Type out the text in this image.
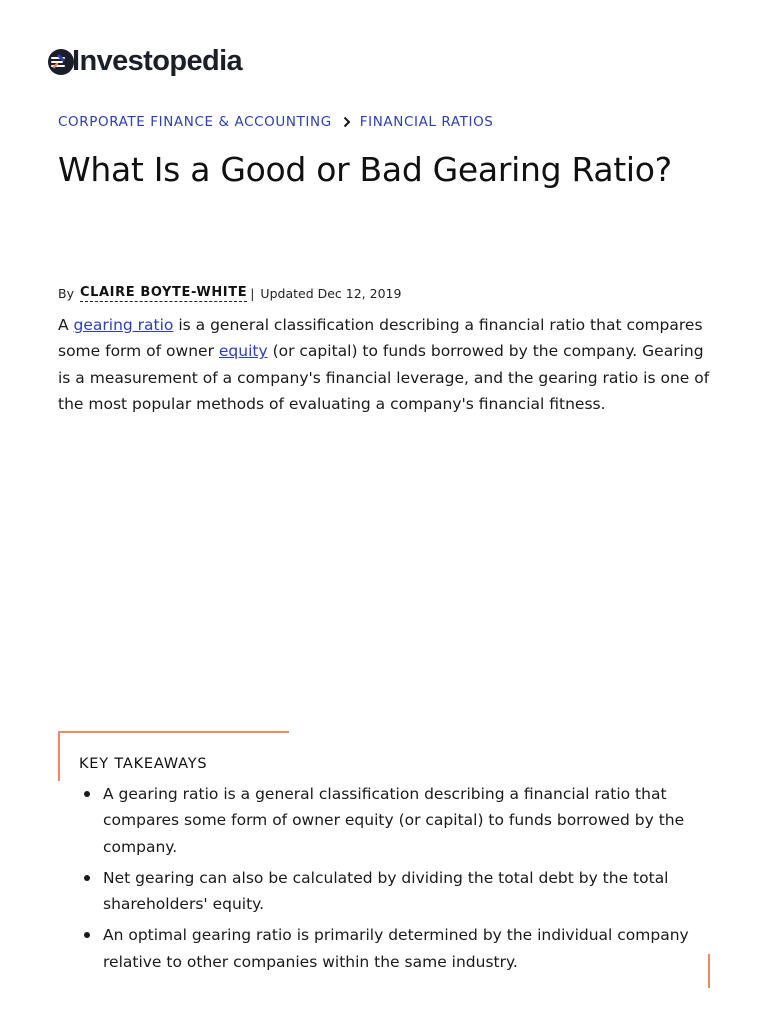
Investopedia
CORPORATE FINANCE & ACCOUNTING FINANCIAL RATIOS
What Is a Good or Bad Gearing Ratio?
By CLAIRE BOYTE-WHITE | Updated Dec 12, 2019

A gearing ratio is a general classification describing a financial ratio that compares some form of owner equity (or capital) to funds borrowed by the company. Gearing is a measurement of a company's financial leverage, and the gearing ratio is one of the most popular methods of evaluating a company's financial fitness.

KEY TAKEAWAYS
A gearing ratio is a general classification describing a financial ratio that compares some form of owner equity (or capital) to funds borrowed by the company.
Net gearing can also be calculated by dividing the total debt by the total shareholders' equity.
An optimal gearing ratio is primarily determined by the individual company relative to other companies within the same industry.
